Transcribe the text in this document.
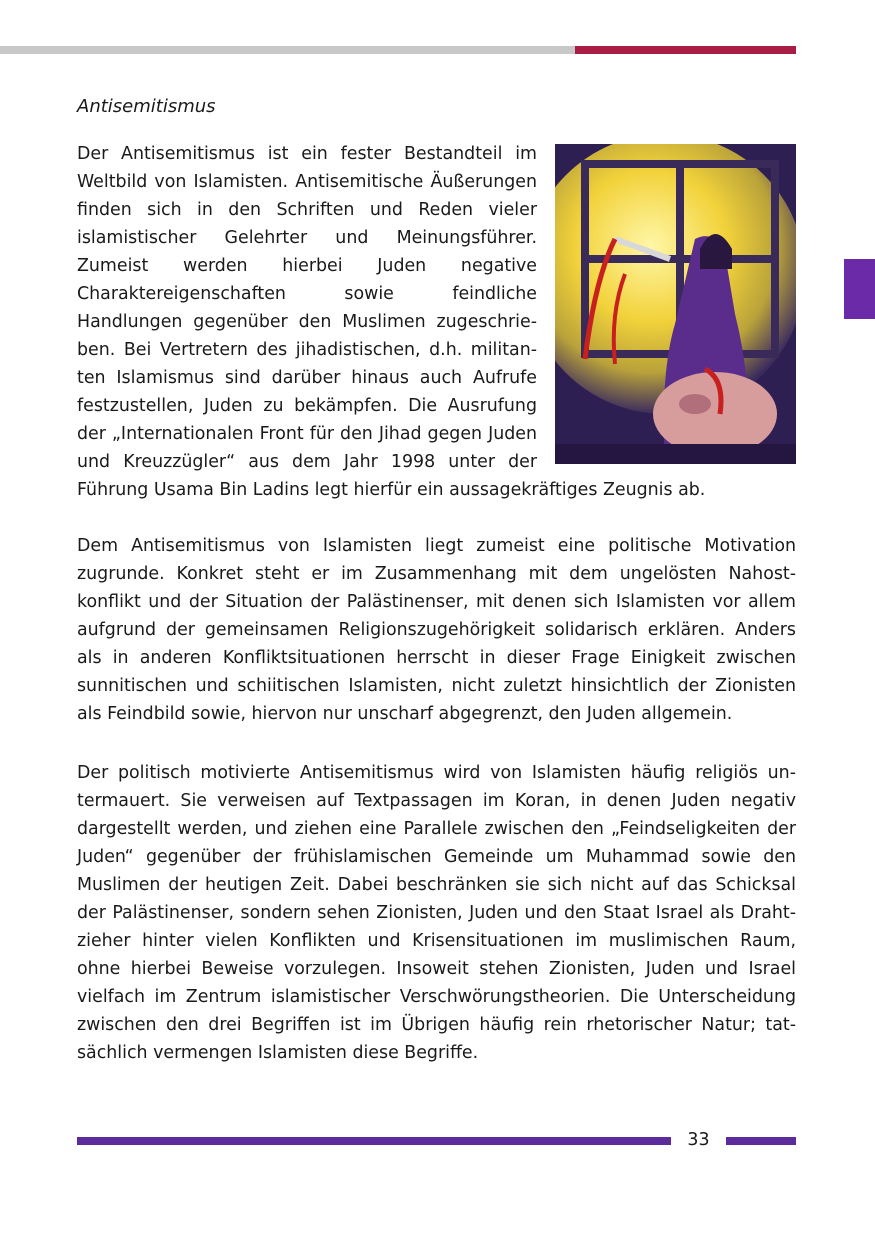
Antisemitismus
Der Antisemitismus ist ein fester Bestandteil im Weltbild von Islamisten. Antisemitische Äußerungen finden sich in den Schriften und Reden vieler islamistischer Gelehrter und Meinungsführer. Zumeist werden hierbei Juden negative Charaktereigenschaften sowie feindliche Handlungen gegenüber den Muslimen zugeschrieben. Bei Vertretern des jihadistischen, d.h. militanten Islamismus sind darüber hinaus auch Aufrufe festzustellen, Juden zu bekämpfen. Die Ausrufung der „Internationalen Front für den Jihad gegen Juden und Kreuzzügler“ aus dem Jahr 1998 unter der Führung Usama Bin Ladins legt hierfür ein aussagekräftiges Zeugnis ab.

Dem Antisemitismus von Islamisten liegt zumeist eine politische Motivation zugrunde. Konkret steht er im Zusammenhang mit dem ungelösten Nahostkonflikt und der Situation der Palästinenser, mit denen sich Islamisten vor allem aufgrund der gemeinsamen Religionszugehörigkeit solidarisch erklären. Anders als in anderen Konfliktsituationen herrscht in dieser Frage Einigkeit zwischen sunnitischen und schiitischen Islamisten, nicht zuletzt hinsichtlich der Zionisten als Feindbild sowie, hiervon nur unscharf abgegrenzt, den Juden allgemein.

Der politisch motivierte Antisemitismus wird von Islamisten häufig religiös untermauert. Sie verweisen auf Textpassagen im Koran, in denen Juden negativ dargestellt werden, und ziehen eine Parallele zwischen den „Feindseligkeiten der Juden“ gegenüber der frühislamischen Gemeinde um Muhammad sowie den Muslimen der heutigen Zeit. Dabei beschränken sie sich nicht auf das Schicksal der Palästinenser, sondern sehen Zionisten, Juden und den Staat Israel als Drahtzieher hinter vielen Konflikten und Krisensituationen im muslimischen Raum, ohne hierbei Beweise vorzulegen. Insoweit stehen Zionisten, Juden und Israel vielfach im Zentrum islamistischer Verschwörungstheorien. Die Unterscheidung zwischen den drei Begriffen ist im Übrigen häufig rein rhetorischer Natur; tatsächlich vermengen Islamisten diese Begriffe.

33
